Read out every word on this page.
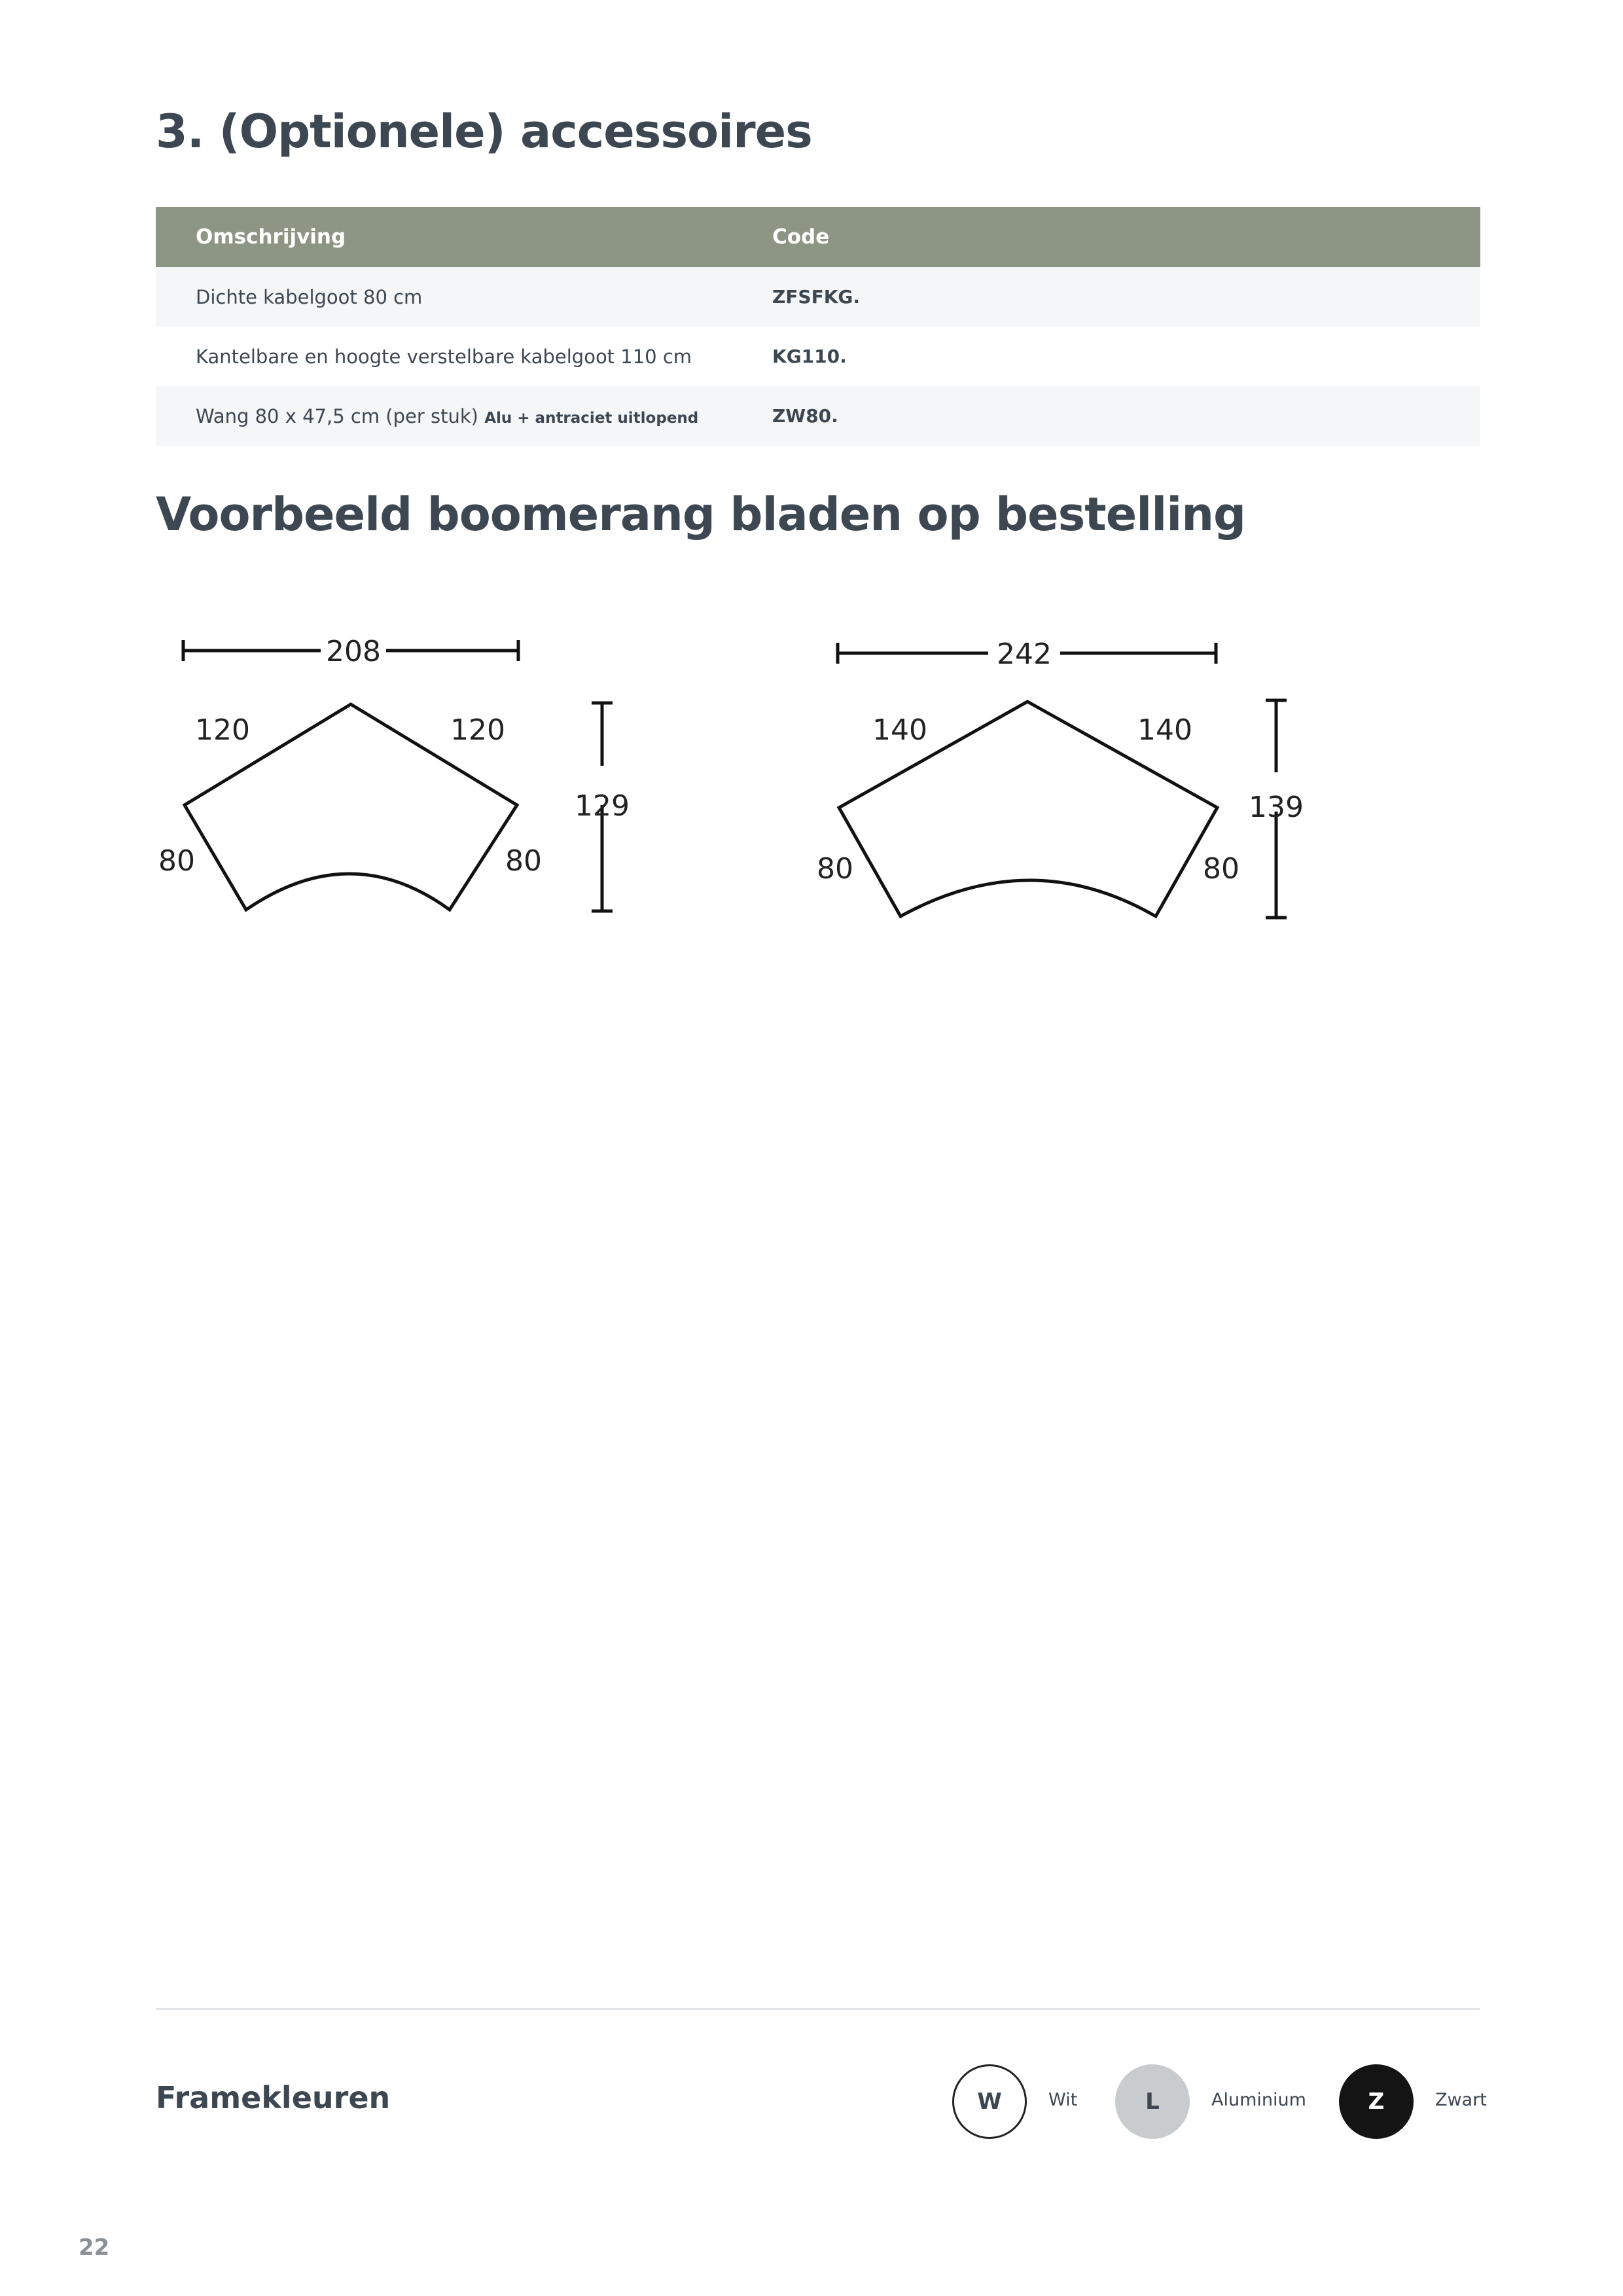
3. (Optionele) accessoires
Omschrijving	Code
Dichte kabelgoot 80 cm	ZFSFKG.
Kantelbare en hoogte verstelbare kabelgoot 110 cm	KG110.
Wang 80 x 47,5 cm (per stuk) Alu + antraciet uitlopend	ZW80.
Voorbeeld boomerang bladen op bestelling
208
120	120
129
80	80
242
140	140
139
80	80
Framekleuren	W	Wit	L	Aluminium	Z	Zwart
22
